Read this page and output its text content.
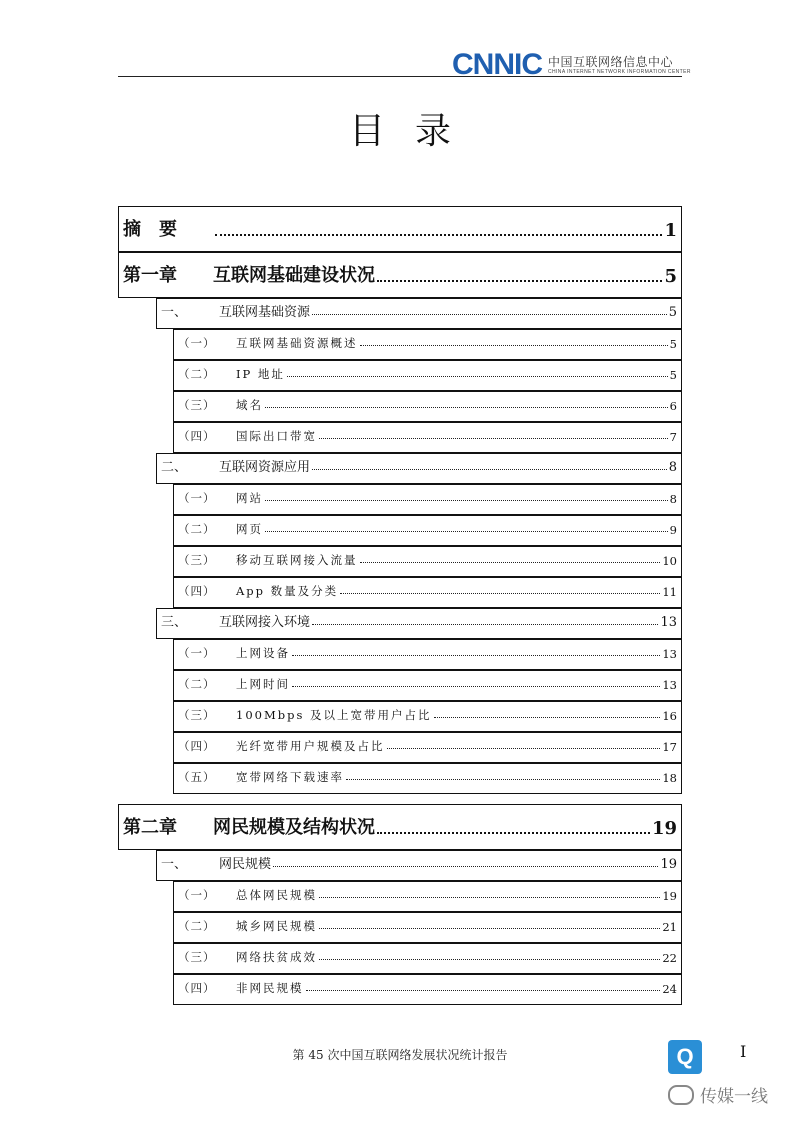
CNNIC 中国互联网络信息中心
CHINA INTERNET NETWORK INFORMATION CENTER
目录
摘要	1
第一章	互联网基础建设状况	5
一、	互联网基础资源	5
（一）	互联网基础资源概述	5
（二）	IP 地址	5
（三）	域名	6
（四）	国际出口带宽	7
二、	互联网资源应用	8
（一）	网站	8
（二）	网页	9
（三）	移动互联网接入流量	10
（四）	App 数量及分类	11
三、	互联网接入环境	13
（一）	上网设备	13
（二）	上网时间	13
（三）	100Mbps 及以上宽带用户占比	16
（四）	光纤宽带用户规模及占比	17
（五）	宽带网络下载速率	18
第二章	网民规模及结构状况	19
一、	网民规模	19
（一）	总体网民规模	19
（二）	城乡网民规模	21
（三）	网络扶贫成效	22
（四）	非网民规模	24
第 45 次中国互联网络发展状况统计报告	I
Q
传媒一线
